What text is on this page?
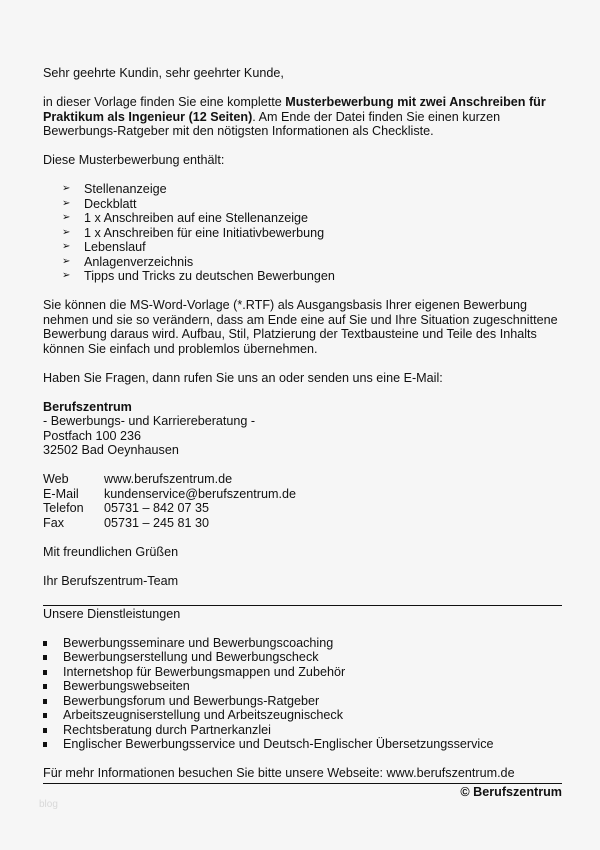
Sehr geehrte Kundin, sehr geehrter Kunde,
in dieser Vorlage finden Sie eine komplette Musterbewerbung mit zwei Anschreiben für Praktikum als Ingenieur (12 Seiten). Am Ende der Datei finden Sie einen kurzen Bewerbungs-Ratgeber mit den nötigsten Informationen als Checkliste.
Diese Musterbewerbung enthält:
➢ Stellenanzeige
➢ Deckblatt
➢ 1 x Anschreiben auf eine Stellenanzeige
➢ 1 x Anschreiben für eine Initiativbewerbung
➢ Lebenslauf
➢ Anlagenverzeichnis
➢ Tipps und Tricks zu deutschen Bewerbungen
Sie können die MS-Word-Vorlage (*.RTF) als Ausgangsbasis Ihrer eigenen Bewerbung nehmen und sie so verändern, dass am Ende eine auf Sie und Ihre Situation zugeschnittene Bewerbung daraus wird. Aufbau, Stil, Platzierung der Textbausteine und Teile des Inhalts können Sie einfach und problemlos übernehmen.
Haben Sie Fragen, dann rufen Sie uns an oder senden uns eine E-Mail:
Berufszentrum
- Bewerbungs- und Karriereberatung -
Postfach 100 236
32502 Bad Oeynhausen
Web	www.berufszentrum.de
E-Mail	kundenservice@berufszentrum.de
Telefon	05731 – 842 07 35
Fax	05731 – 245 81 30
Mit freundlichen Grüßen
Ihr Berufszentrum-Team
Unsere Dienstleistungen
Bewerbungsseminare und Bewerbungscoaching
Bewerbungserstellung und Bewerbungscheck
Internetshop für Bewerbungsmappen und Zubehör
Bewerbungswebseiten
Bewerbungsforum und Bewerbungs-Ratgeber
Arbeitszeugniserstellung und Arbeitszeugnischeck
Rechtsberatung durch Partnerkanzlei
Englischer Bewerbungsservice und Deutsch-Englischer Übersetzungsservice
Für mehr Informationen besuchen Sie bitte unsere Webseite: www.berufszentrum.de
© Berufszentrum
blog
